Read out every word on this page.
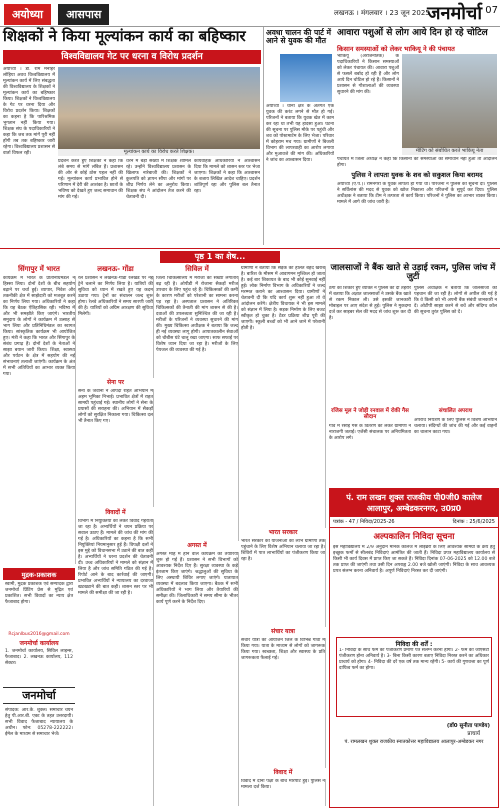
अयोध्या आसपास	लखनऊ । मंगलवार । 23 जून 2025
जनमोर्चा 07
शिक्षकों ने किया मूल्यांकन कार्य का बहिष्कार
विश्वविद्यालय गेट पर धरना व विरोध प्रदर्शन
अयोध्या । डा. राम मनोहर लोहिया अवध विश्वविद्यालय में मूल्यांकन कार्य में लिए संबद्धता की विश्वविद्यालय के शिक्षकों ने मूल्यांकन कार्य का बहिष्कार किया। शिक्षकों ने विश्वविद्यालय के गेट पर धरना दिया और विरोध प्रदर्शन किया। शिक्षकों का कहना है कि पारिश्रमिक भुगतान नहीं किया गया। शिक्षक संघ के पदाधिकारियों ने कहा कि जब तक मांगें पूरी नहीं होंगी तब तक बहिष्कार जारी रहेगा। विश्वविद्यालय प्रशासन से वार्ता विफल रही।	मूल्यांकन कार्य का विरोध करते शिक्षक।
प्रदर्शन करते हुए शिक्षकों ने कहा कि लंबे समय से मांगें लंबित हैं। प्रशासन की ओर से कोई ठोस पहल नहीं की गई। मूल्यांकन कार्य प्रभावित होने से परिणाम में देरी की आशंका है। छात्रों के भविष्य को देखते हुए जल्द समाधान की मांग की गई।
धरने में बड़ी संख्या में शिक्षक शामिल रहे। उन्होंने विश्वविद्यालय प्रशासन के खिलाफ नारेबाजी की। शिक्षकों ने कुलपति को ज्ञापन सौंपा और मांगों पर शीघ्र निर्णय लेने का अनुरोध किया। शिक्षक संघ ने आंदोलन तेज करने की चेतावनी दी।
कार्यवाहक अधिकारियों ने आश्वासन दिया कि मामले को शासन स्तर पर भेजा जाएगा। शिक्षकों ने कहा कि आश्वासन के बजाय लिखित आदेश चाहिए। प्रदर्शन शांतिपूर्ण रहा और पुलिस बल तैनात रहा।
अवधा चालन की पार्ट में आने से युवक की मौत
अयोध्या । थाना क्षेत्र के अंतर्गत एक युवक की करंट लगने से मौत हो गई। परिजनों ने बताया कि युवक खेत में काम कर रहा था तभी यह हादसा हुआ। घटना की सूचना पर पुलिस मौके पर पहुंची और शव को पोस्टमार्टम के लिए भेजा। परिवार में कोहराम मच गया। ग्रामीणों ने बिजली विभाग की लापरवाही का आरोप लगाया और मुआवजे की मांग की। अधिकारियों ने जांच का आश्वासन दिया।
आवारा पशुओं से लोग आये दिन हो रहे चोटिल
किसान समस्याओं को लेकर भाकियू ने की पंचायत
भाकियू (अराजनैतिक) के पदाधिकारियों ने किसान समस्याओं को लेकर पंचायत की। आवारा पशुओं से फसलें बर्बाद हो रही हैं और लोग आये दिन चोटिल हो रहे हैं। किसानों ने प्रशासन से गौशालाओं की व्यवस्था सुधारने की मांग की।
मीटिंग को संबोधित करते भाकियू नेता
पंचायत में जिला अध्यक्ष ने कहा कि किसानों की समस्याओं का समाधान नहीं हुआ तो आंदोलन होगा।
पुलिस ने लापता युवक के शव को सकुशल किया बरामद
अयोध्या (ए.प.)। रामनगरी के युवक लापता हो गया था। परिजनों ने पुलिस को सूचना दी। पुलिस ने सर्विलांस की मदद से युवक को खोज निकाला और परिजनों के सुपुर्द कर दिया। पुलिस अधीक्षक ने बताया कि टीम ने तत्परता से कार्य किया। परिजनों ने पुलिस का आभार व्यक्त किया। मामले में आगे की जांच जारी है।
पृष्ठ 1 का शेष...
सिंगापुर में भारत
कार्यक्रम में भारत के प्रतिनिधिमंडल ने हिस्सा लिया। दोनों देशों के बीच सहयोग बढ़ाने पर चर्चा हुई। व्यापार, निवेश और तकनीकी क्षेत्र में साझेदारी को मजबूत करने का निर्णय लिया गया। अधिकारियों ने कहा कि यह बैठक ऐतिहासिक रही। भविष्य में और भी समझौते किए जाएंगे। भारतीय समुदाय के लोगों ने कार्यक्रम में उत्साह से भाग लिया और प्रतिनिधिमंडल का स्वागत किया। सांस्कृतिक कार्यक्रम भी आयोजित हुए। मंत्री ने कहा कि भारत और सिंगापुर के संबंध प्रगाढ़ हैं। दोनों देशों के नेताओं ने साझा बयान जारी किया। शिक्षा, स्वास्थ्य और पर्यटन के क्षेत्र में सहयोग की नई संभावनाएं तलाशी जाएंगी। कार्यक्रम के अंत में सभी अतिथियों का आभार व्यक्त किया गया।
मुद्रक-प्रकाशक
स्वामी, मुद्रक प्रकाशक एवं सम्पादक द्वारा जनमोर्चा प्रिंटिंग प्रेस से मुद्रित एवं प्रकाशित। सभी विवादों का न्याय क्षेत्र फैजाबाद होगा।
Rcjanlbus2016@gmail.com
जनमोर्चा कार्यालय
1. जनमोर्चा कार्यालय, सिविल लाइन्स, फैजाबाद। 2. लखनऊ कार्यालय, 112 सेक्टर।
जनमोर्चा
संपादक: आर.के. शुक्ल। समाचार चयन हेतु पी.आर.बी. एक्ट के तहत उत्तरदायी। सभी विवाद फैजाबाद न्यायालय के अधीन। फोन: 05278-222222। ईमेल के माध्यम से समाचार भेजें।
लखनऊ- गोंडा
रेल प्रशासन ने लखनऊ-गोंडा रेलखंड पर नई ट्रेनें चलाने का निर्णय लिया है। यात्रियों की सुविधा को ध्यान में रखते हुए यह कदम उठाया गया। ट्रेनों का संचालन जल्द शुरू होगा। रेलवे अधिकारियों ने समय सारणी जारी की है। यात्रियों को अग्रिम आरक्षण की सुविधा मिलेगी।
सेना पर
सेना के जवानों ने आपदा राहत अभियान में अहम भूमिका निभाई। प्रभावित क्षेत्रों में राहत सामग्री पहुंचाई गई। स्थानीय लोगों ने सेना के प्रयासों की सराहना की। अभियान में सैकड़ों लोगों को सुरक्षित निकाला गया। चिकित्सा दल भी तैनात किए गए।
विवादों में
विभाग में नियुक्तियों को लेकर विवाद गहराता जा रहा है। अभ्यर्थियों ने चयन प्रक्रिया पर सवाल उठाए हैं। मामले की जांच की मांग की गई है। अधिकारियों का कहना है कि सभी नियुक्तियां नियमानुसार हुई हैं। विपक्षी दलों ने इस मुद्दे को विधानसभा में उठाने की बात कही है। अभ्यर्थियों ने धरना प्रदर्शन की चेतावनी दी। उच्च अधिकारियों ने मामले को संज्ञान में लिया है और जांच समिति गठित की गई है। रिपोर्ट आने के बाद कार्रवाई की जाएगी। प्रभावित अभ्यर्थियों ने न्यायालय का दरवाजा खटखटाने की बात कही। शासन स्तर पर भी मामले की समीक्षा की जा रही है।
सिविल में
जिला चिकित्सालय में मरीजों की संख्या लगातार बढ़ रही है। ओपीडी में रोजाना सैकड़ों मरीज उपचार के लिए पहुंच रहे हैं। चिकित्सकों की कमी के कारण मरीजों को परेशानी का सामना करना पड़ रहा है। अस्पताल प्रशासन ने अतिरिक्त चिकित्सकों की तैनाती की मांग शासन से की है। दवाओं की उपलब्धता सुनिश्चित की जा रही है। मरीजों के परिजनों ने व्यवस्था सुधारने की मांग की। मुख्य चिकित्सा अधीक्षक ने बताया कि जल्द ही नई व्यवस्था लागू होगी। आपातकालीन सेवाओं को चौबीस घंटे चालू रखा जाएगा। साफ सफाई पर विशेष ध्यान दिया जा रहा है। मरीजों के लिए पेयजल की व्यवस्था की गई है।
अगस्त में
अगस्त माह में होने वाले कार्यक्रम की तैयारियां शुरू हो गई हैं। प्रशासन ने सभी विभागों को आवश्यक निर्देश दिए हैं। सुरक्षा व्यवस्था के कड़े इंतजाम किए जाएंगे। श्रद्धालुओं की सुविधा के लिए अस्थायी शिविर लगाए जाएंगे। यातायात व्यवस्था में बदलाव किया जाएगा। बैठक में सभी अधिकारियों ने भाग लिया और तैयारियों की समीक्षा की। जिलाधिकारी ने समय सीमा के भीतर कार्य पूर्ण करने के निर्देश दिए।
ग्रामीणों ने बताया कि सड़क की हालत बेहद खराब है। बारिश के मौसम में आवागमन मुश्किल हो जाता है। कई बार शिकायत के बाद भी कोई सुनवाई नहीं हुई। लोक निर्माण विभाग के अधिकारियों ने जल्द मरम्मत कराने का आश्वासन दिया। ग्रामीणों ने चेतावनी दी कि यदि कार्य शुरू नहीं हुआ तो वे आंदोलन करेंगे। क्षेत्रीय विधायक ने भी इस मामले को संज्ञान में लिया है। सड़क निर्माण के लिए बजट स्वीकृत हो चुका है। टेंडर प्रक्रिया शीघ्र पूरी की जाएगी। स्कूली बच्चों को भी आने जाने में परेशानी होती है।
भारत सरकार
भारत सरकार की योजनाओं का लाभ ग्रामीणों तक पहुंचाने के लिए विशेष अभियान चलाया जा रहा है। शिविरों में पात्र लाभार्थियों का पंजीकरण किया जा रहा है।
संचार यात्रा
संचार यात्रा का आयोजन जिले के विभिन्न गांवों में किया गया। यात्रा के माध्यम से लोगों को जागरूक किया गया। स्वच्छता, शिक्षा और स्वास्थ्य के प्रति जागरूकता फैलाई गई।
विवाद में
विवाद में दोनों पक्षों के बीच मारपीट हुई। पुलिस ने मामला दर्ज किया।
जालसाजों ने बैंक खाते से उड़ाई रकम, पुलिस जांच में जुटी
ठगी का शिकार हुए व्यक्ति ने पुलिस को दी तहरीर में बताया कि अज्ञात जालसाजों ने उसके बैंक खाते से रकम निकाल ली। उसे इसकी जानकारी मोबाइल पर आए संदेश से हुई। पुलिस ने मुकदमा दर्ज कर साइबर सेल की मदद से जांच शुरू कर दी है।
पुलिस अधीक्षक ने बताया कि जालसाजों की पहचान की जा रही है। लोगों से अपील की गई है कि वे किसी को भी अपनी बैंक संबंधी जानकारी न दें। ओटीपी साझा करने से बचें और संदिग्ध कॉल की सूचना तुरंत पुलिस को दें।
रजिस मूल ने जोड़ी रनवाल में रोकी गैस सौदान
गांव में रसोई गैस के वितरण को लेकर ग्रामीणों ने नाराजगी जताई। एजेंसी संचालक पर अनियमितता के आरोप लगे।
संचालित अपराध
अपराध नियंत्रण के लिए पुलिस ने विशेष अभियान चलाया। संदिग्धों की जांच की गई और कई वाहनों का चालान काटा गया।
पं. राम लखन शुक्ल राजकीय पी0जी0 कालेज आलापुर, अम्बेडकरनगर, उ0प्र0
पत्रांक - 47 / निविदा/2025-26	दिनांक : 25/6/2025
अल्पकालिन निविदा सूचना
इस महाविद्यालय में 2/9 अनुदान मानक कॉलेज में लाइब्रेरी के लिए आवश्यक सामग्री के क्रय हेतु इच्छुक फर्मों से सीलबंद निविदाएं आमंत्रित की जाती हैं। निविदा प्रपत्र महाविद्यालय कार्यालय से किसी भी कार्य दिवस में प्राप्त किए जा सकते हैं। निविदा दिनांक 07-06-2025 को 12.00 बजे तक प्राप्त की जाएंगी तथा उसी दिन अपराह्न 2.00 बजे खोली जाएंगी। निविदा के साथ आवश्यक प्रपत्र संलग्न करना अनिवार्य है। अपूर्ण निविदाएं निरस्त कर दी जाएंगी।
निविदा की शर्तें :
1- निविदा के साथ फर्म का पंजीकरण प्रमाण पत्र संलग्न करना होगा। 2- फर्म को जीएसटी पंजीकरण होना अनिवार्य है। 3- बिना किसी कारण बताए निविदा निरस्त करने का अधिकार प्राचार्य को होगा। 4- निविदा की दरें एक वर्ष तक मान्य रहेंगी। 5- कार्य की गुणवत्ता का पूर्ण दायित्व फर्म का होगा।
(डॉ0 सुनीता पाण्डेय)
प्राचार्य
पं. रामलखन शुक्ल राजकीय स्नातकोत्तर महाविद्यालय आलापुर-अम्बेडकर नगर
